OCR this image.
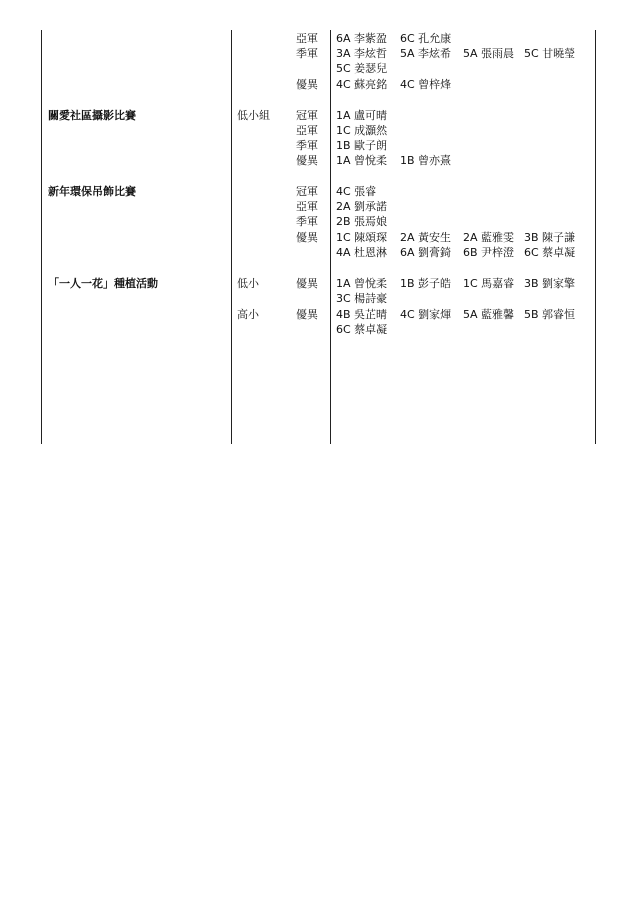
亞軍 6A 李紫盈 6C 孔允康
季軍 3A 李炫哲 5A 李炫希 5A 張雨晨 5C 甘曉瑩
5C 姜瑟兒
優異 4C 蘇亮銘 4C 曾梓烽
關愛社區攝影比賽	低小組 冠軍 1A 盧可晴
亞軍 1C 成灝然
季軍 1B 歐子朗
優異 1A 曾悅柔 1B 曾亦熹
新年環保吊飾比賽	冠軍 4C 張睿
亞軍 2A 劉承諾
季軍 2B 張焉娘
優異 1C 陳頌琛 2A 黃安生 2A 藍雅雯 3B 陳子謙
4A 杜恩淋 6A 劉膏錡 6B 尹梓澄 6C 蔡卓凝
「一人一花」種植活動	低小	優異 1A 曾悅柔 1B 彭子皓 1C 馬嘉睿 3B 劉家擎
3C 楊詩豪
高小	優異 4B 吳芷晴 4C 劉家煇 5A 藍雅馨 5B 郭睿恒
6C 蔡卓凝
